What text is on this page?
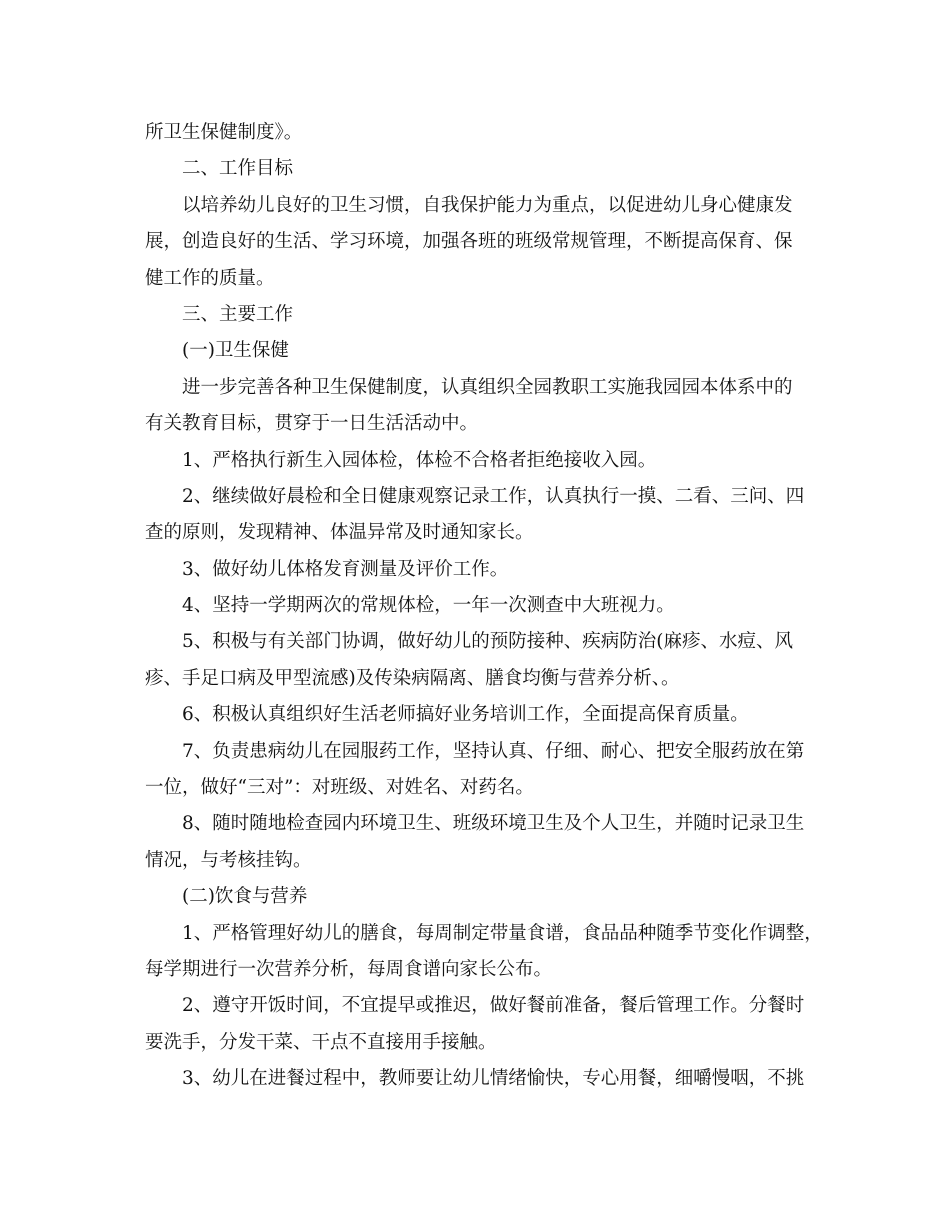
所卫生保健制度》。
二、工作目标
以培养幼儿良好的卫生习惯，自我保护能力为重点，以促进幼儿身心健康发
展，创造良好的生活、学习环境，加强各班的班级常规管理，不断提高保育、保
健工作的质量。
三、主要工作
(一)卫生保健
进一步完善各种卫生保健制度，认真组织全园教职工实施我园园本体系中的
有关教育目标，贯穿于一日生活活动中。
1、严格执行新生入园体检，体检不合格者拒绝接收入园。
2、继续做好晨检和全日健康观察记录工作，认真执行一摸、二看、三问、四
查的原则，发现精神、体温异常及时通知家长。
3、做好幼儿体格发育测量及评价工作。
4、坚持一学期两次的常规体检，一年一次测查中大班视力。
5、积极与有关部门协调，做好幼儿的预防接种、疾病防治(麻疹、水痘、风
疹、手足口病及甲型流感)及传染病隔离、膳食均衡与营养分析、。
6、积极认真组织好生活老师搞好业务培训工作，全面提高保育质量。
7、负责患病幼儿在园服药工作，坚持认真、仔细、耐心、把安全服药放在第
一位，做好“三对”：对班级、对姓名、对药名。
8、随时随地检查园内环境卫生、班级环境卫生及个人卫生，并随时记录卫生
情况，与考核挂钩。
(二)饮食与营养
1、严格管理好幼儿的膳食，每周制定带量食谱，食品品种随季节变化作调整，
每学期进行一次营养分析，每周食谱向家长公布。
2、遵守开饭时间，不宜提早或推迟，做好餐前准备，餐后管理工作。分餐时
要洗手，分发干菜、干点不直接用手接触。
3、幼儿在进餐过程中，教师要让幼儿情绪愉快，专心用餐，细嚼慢咽，不挑
